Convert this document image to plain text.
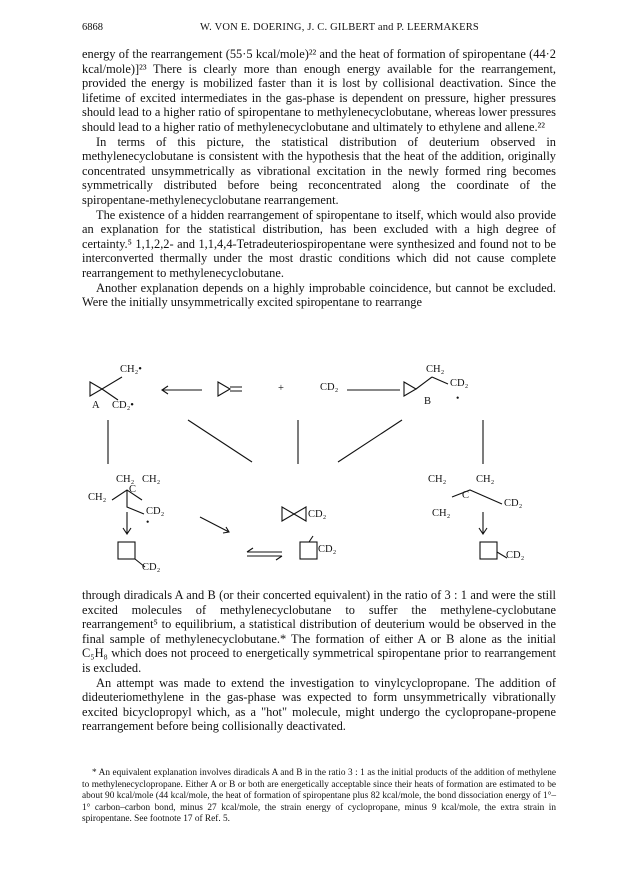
6868	W. VON E. DOERING, J. C. GILBERT and P. LEERMAKERS

energy of the rearrangement (55·5 kcal/mole)²² and the heat of formation of spiropentane (44·2 kcal/mole)]²³ There is clearly more than enough energy available for the rearrangement, provided the energy is mobilized faster than it is lost by collisional deactivation. Since the lifetime of excited intermediates in the gas-phase is dependent on pressure, higher pressures should lead to a higher ratio of spiropentane to methylenecyclobutane, whereas lower pressures should lead to a higher ratio of methylenecyclobutane and ultimately to ethylene and allene.²²

In terms of this picture, the statistical distribution of deuterium observed in methylenecyclobutane is consistent with the hypothesis that the heat of the addition, originally concentrated unsymmetrically as vibrational excitation in the newly formed ring becomes symmetrically distributed before being reconcentrated along the coordinate of the spiropentane-methylenecyclobutane rearrangement.

The existence of a hidden rearrangement of spiropentane to itself, which would also provide an explanation for the statistical distribution, has been excluded with a high degree of certainty.⁵ 1,1,2,2- and 1,1,4,4-Tetradeuteriospiropentane were synthesized and found not to be interconverted thermally under the most drastic conditions which did not cause complete rearrangement to methylenecyclobutane.

Another explanation depends on a highly improbable coincidence, but cannot be excluded. Were the initially unsymmetrically excited spiropentane to rearrange

CH₂•
A CD₂•
+	CD₂
CH₂
CD₂
B	•
CH₂ CH₂
CH₂
C
CD₂
•
CD₂
CH₂	CH₂
C
CD₂
CH₂
CD₂
CD₂
CD₂

through diradicals A and B (or their concerted equivalent) in the ratio of 3 : 1 and were the still excited molecules of methylenecyclobutane to suffer the methylene-cyclobutane rearrangement⁵ to equilibrium, a statistical distribution of deuterium would be observed in the final sample of methylenecyclobutane.* The formation of either A or B alone as the initial C₅H₈ which does not proceed to energetically symmetrical spiropentane prior to rearrangement is excluded.

An attempt was made to extend the investigation to vinylcyclopropane. The addition of dideuteriomethylene in the gas-phase was expected to form unsymmetrically vibrationally excited bicyclopropyl which, as a "hot" molecule, might undergo the cyclopropane-propene rearrangement before being collisionally deactivated.

* An equivalent explanation involves diradicals A and B in the ratio 3 : 1 as the initial products of the addition of methylene to methylenecyclopropane. Either A or B or both are energetically acceptable since their heats of formation are estimated to be about 90 kcal/mole (44 kcal/mole, the heat of formation of spiropentane plus 82 kcal/mole, the bond dissociation energy of 1°–1° carbon–carbon bond, minus 27 kcal/mole, the strain energy of cyclopropane, minus 9 kcal/mole, the extra strain in spiropentane. See footnote 17 of Ref. 5.
